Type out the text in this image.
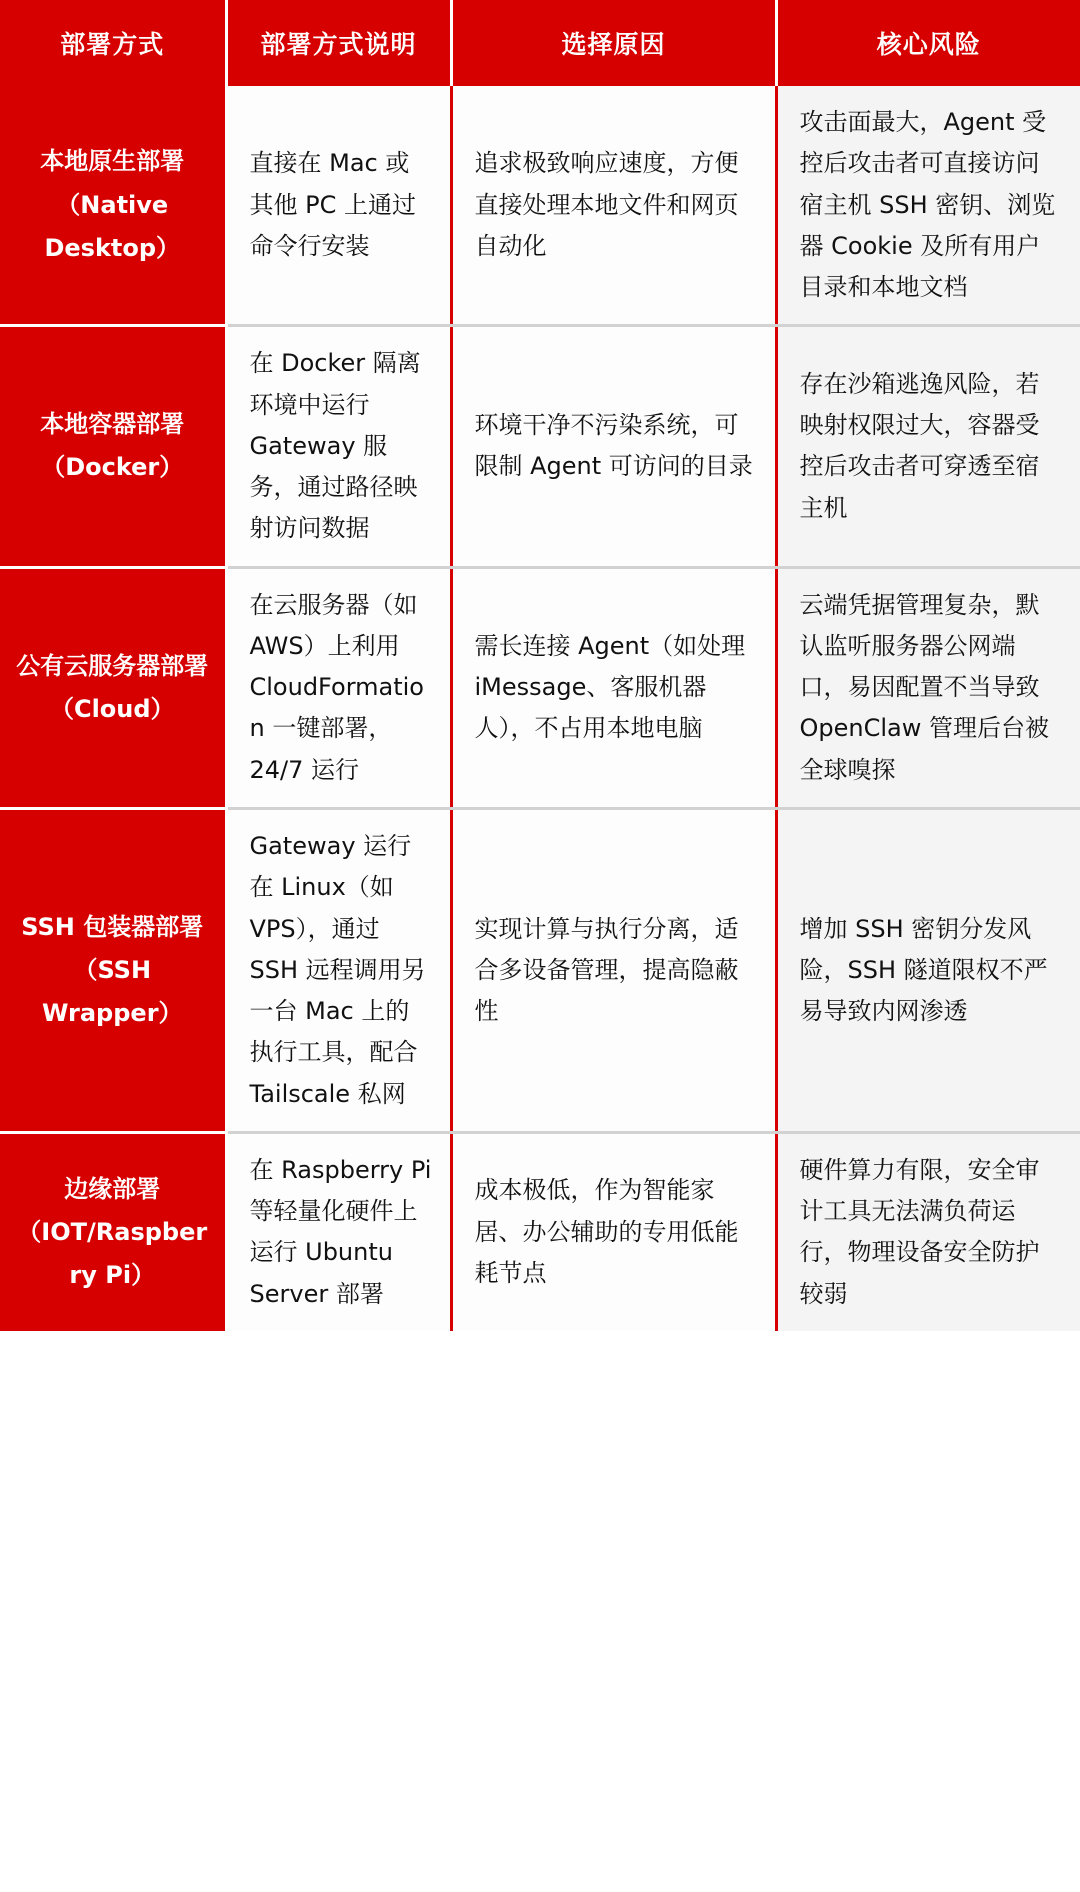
部署方式	部署方式说明	选择原因	核心风险
本地原生部署（Native Desktop）	直接在 Mac 或其他 PC 上通过命令行安装	追求极致响应速度，方便直接处理本地文件和网页自动化	攻击面最大，Agent 受控后攻击者可直接访问宿主机 SSH 密钥、浏览器 Cookie 及所有用户目录和本地文档
本地容器部署（Docker）	在 Docker 隔离环境中运行 Gateway 服务，通过路径映射访问数据	环境干净不污染系统，可限制 Agent 可访问的目录	存在沙箱逃逸风险，若映射权限过大，容器受控后攻击者可穿透至宿主机
公有云服务器部署（Cloud）	在云服务器（如 AWS）上利用 CloudFormation 一键部署，24/7 运行	需长连接 Agent（如处理 iMessage、客服机器人），不占用本地电脑	云端凭据管理复杂，默认监听服务器公网端口，易因配置不当导致 OpenClaw 管理后台被全球嗅探
SSH 包装器部署（SSH Wrapper）	Gateway 运行在 Linux（如 VPS），通过 SSH 远程调用另一台 Mac 上的执行工具，配合 Tailscale 私网	实现计算与执行分离，适合多设备管理，提高隐蔽性	增加 SSH 密钥分发风险，SSH 隧道限权不严易导致内网渗透
边缘部署（IOT/Raspberry Pi）	在 Raspberry Pi 等轻量化硬件上运行 Ubuntu Server 部署	成本极低，作为智能家居、办公辅助的专用低能耗节点	硬件算力有限，安全审计工具无法满负荷运行，物理设备安全防护较弱
